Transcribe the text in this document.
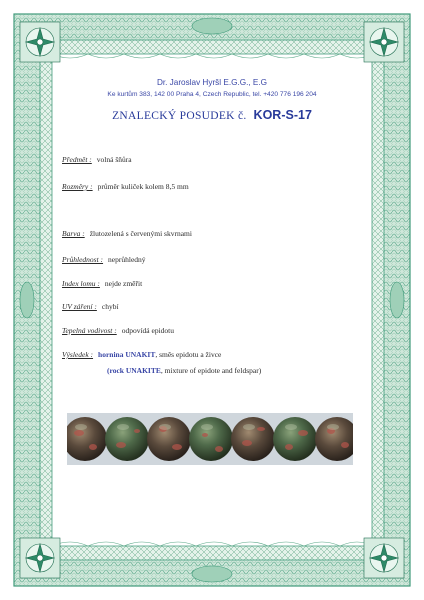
Dr. Jaroslav Hyršl E.G.G., E.G
Ke kurtům 383, 142 00 Praha 4, Czech Republic, tel. +420 776 196 204
ZNALECKÝ POSUDEK č. KOR-S-17
Předmět : volná šňůra
Rozměry : průměr kuliček kolem 8,5 mm
Barva : žlutozelená s červenými skvrnami
Průhlednost : neprůhledný
Index lomu : nejde změřit
UV záření : chybí
Tepelná vodivost : odpovídá epidotu
Výsledek : hornina UNAKIT, směs epidotu a živce
(rock UNAKITE, mixture of epidote and feldspar)
